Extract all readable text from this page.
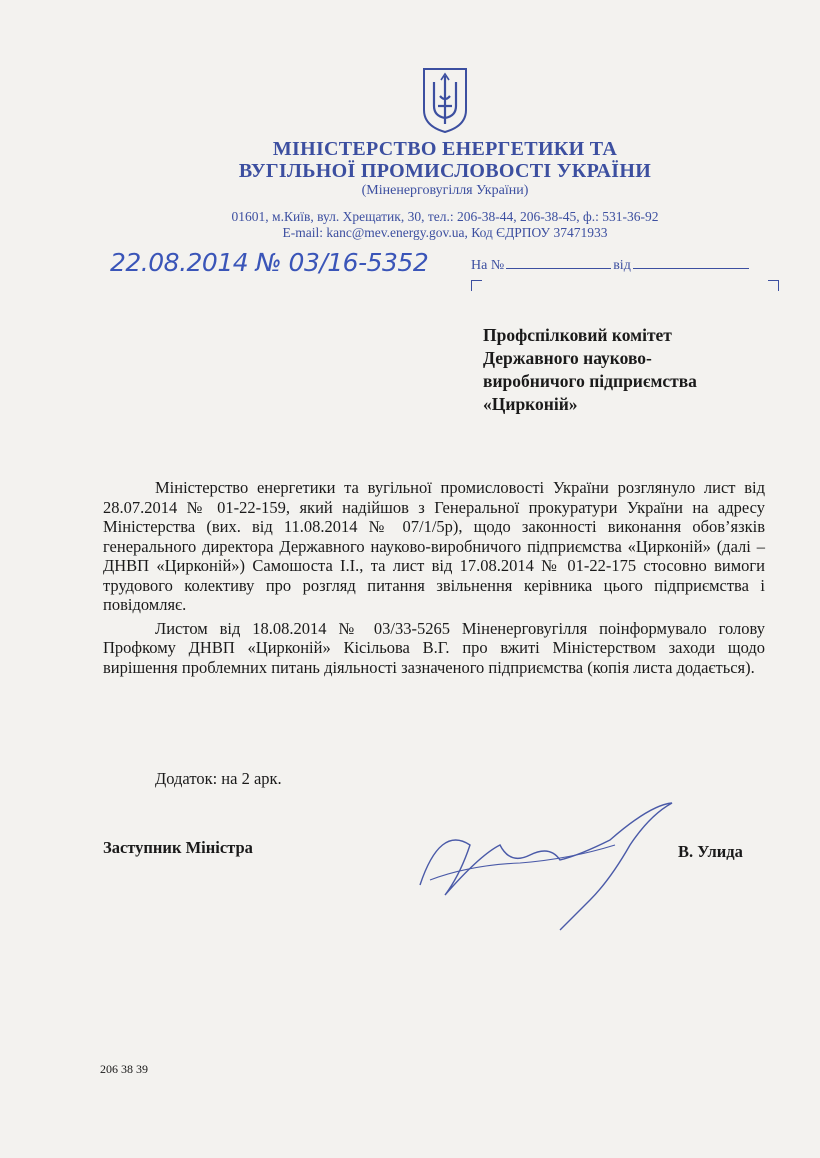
МІНІСТЕРСТВО ЕНЕРГЕТИКИ ТА
ВУГІЛЬНОЇ ПРОМИСЛОВОСТІ УКРАЇНИ
(Міненерговугілля України)
01601, м.Київ, вул. Хрещатик, 30, тел.: 206-38-44, 206-38-45, ф.: 531-36-92
E-mail: kanc@mev.energy.gov.ua, Код ЄДРПОУ 37471933
22.08.2014 № 03/16-5352	На №	від
Профспілковий комітет
Державного науково-
виробничого підприємства
«Цирконій»

Міністерство енергетики та вугільної промисловості України розглянуло лист від 28.07.2014 № 01-22-159, який надійшов з Генеральної прокуратури України на адресу Міністерства (вих. від 11.08.2014 № 07/1/5р), щодо законності виконання обов’язків генерального директора Державного науково-виробничого підприємства «Цирконій» (далі – ДНВП «Цирконій») Самошоста І.І., та лист від 17.08.2014 № 01-22-175 стосовно вимоги трудового колективу про розгляд питання звільнення керівника цього підприємства і повідомляє.

Листом від 18.08.2014 № 03/33-5265 Міненерговугілля поінформувало голову Профкому ДНВП «Цирконій» Кісільова В.Г. про вжиті Міністерством заходи щодо вирішення проблемних питань діяльності зазначеного підприємства (копія листа додається).

Додаток: на 2 арк.
Заступник Міністра	В. Улида
206 38 39
